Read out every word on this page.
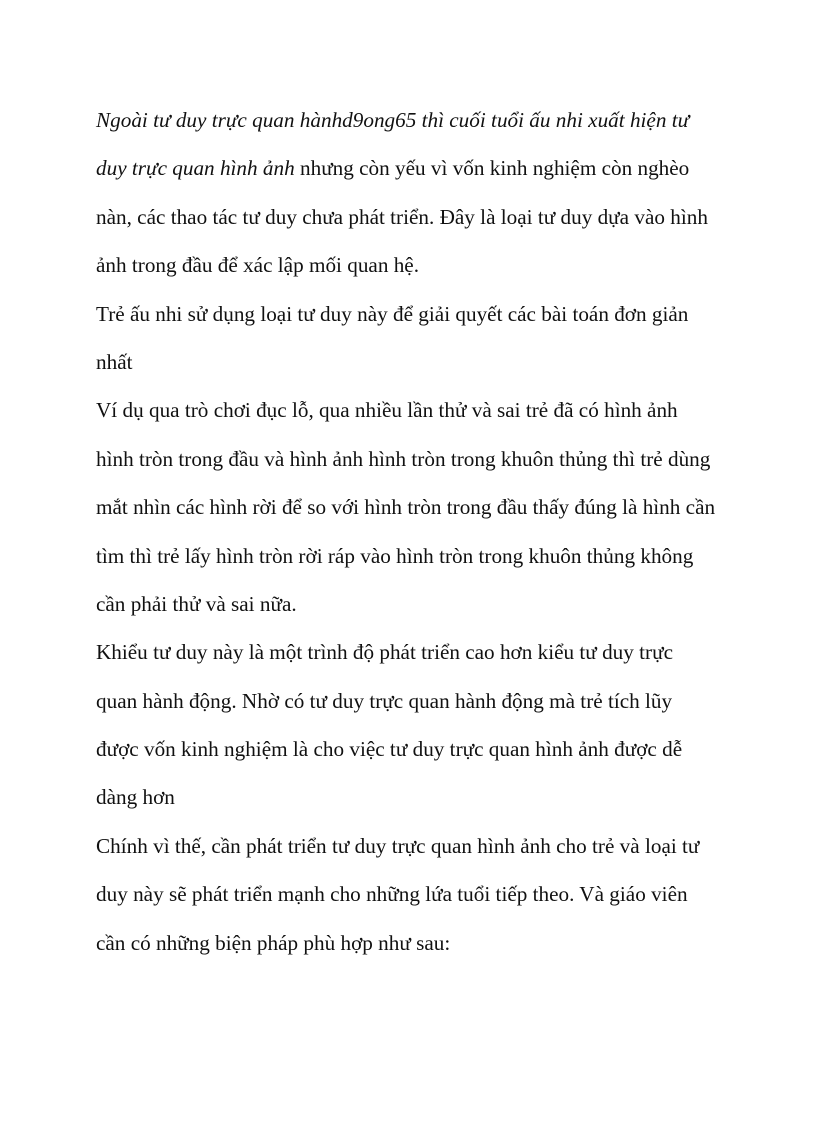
Ngoài tư duy trực quan hànhd9ong65 thì cuối tuổi ấu nhi xuất hiện tư
duy trực quan hình ảnh nhưng còn yếu vì vốn kinh nghiệm còn nghèo
nàn, các thao tác tư duy chưa phát triển. Đây là loại tư duy dựa vào hình
ảnh trong đầu để xác lập mối quan hệ.
Trẻ ấu nhi sử dụng loại tư duy này để giải quyết các bài toán đơn giản
nhất
Ví dụ qua trò chơi đục lỗ, qua nhiều lần thử và sai trẻ đã có hình ảnh
hình tròn trong đầu và hình ảnh hình tròn trong khuôn thủng thì trẻ dùng
mắt nhìn các hình rời để so với hình tròn trong đầu thấy đúng là hình cần
tìm thì trẻ lấy hình tròn rời ráp vào hình tròn trong khuôn thủng không
cần phải thử và sai nữa.
Khiểu tư duy này là một trình độ phát triển cao hơn kiểu tư duy trực
quan hành động. Nhờ có tư duy trực quan hành động mà trẻ tích lũy
được vốn kinh nghiệm là cho việc tư duy trực quan hình ảnh được dễ
dàng hơn
Chính vì thế, cần phát triển tư duy trực quan hình ảnh cho trẻ và loại tư
duy này sẽ phát triển mạnh cho những lứa tuổi tiếp theo. Và giáo viên
cần có những biện pháp phù hợp như sau:
